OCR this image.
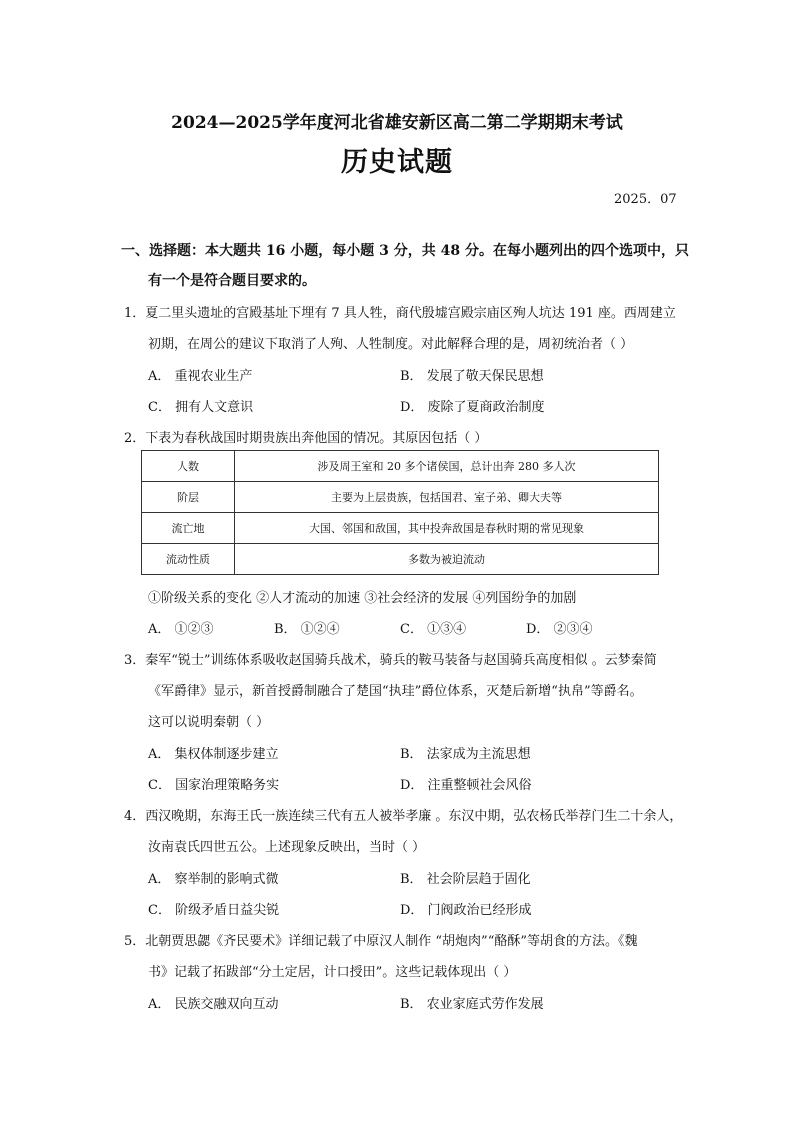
2024—2025学年度河北省雄安新区高二第二学期期末考试
历史试题
2025．07
一、选择题：本大题共 16 小题，每小题 3 分，共 48 分。在每小题列出的四个选项中，只
有一个是符合题目要求的。
1．夏二里头遗址的宫殿基址下埋有 7 具人牲，商代殷墟宫殿宗庙区殉人坑达 191 座。西周建立
初期，在周公的建议下取消了人殉、人牲制度。对此解释合理的是，周初统治者（ ）
A． 重视农业生产	B． 发展了敬天保民思想
C． 拥有人文意识	D． 废除了夏商政治制度
2．下表为春秋战国时期贵族出奔他国的情况。其原因包括（ ）
人数	涉及周王室和 20 多个诸侯国，总计出奔 280 多人次
阶层	主要为上层贵族，包括国君、室子弟、卿大夫等
流亡地	大国、邻国和敌国，其中投奔敌国是春秋时期的常见现象
流动性质	多数为被迫流动
①阶级关系的变化 ②人才流动的加速 ③社会经济的发展 ④列国纷争的加剧
A． ①②③	B． ①②④	C． ①③④	D． ②③④
3．秦军“锐士”训练体系吸收赵国骑兵战术，骑兵的鞍马装备与赵国骑兵高度相似 。云梦秦简
《军爵律》显示，新首授爵制融合了楚国“执珪”爵位体系，灭楚后新增“执帛”等爵名。
这可以说明秦朝（ ）
A． 集权体制逐步建立	B． 法家成为主流思想
C． 国家治理策略务实	D． 注重整顿社会风俗
4．西汉晚期，东海王氏一族连续三代有五人被举孝廉 。东汉中期，弘农杨氏举荐门生二十余人，
汝南袁氏四世五公。上述现象反映出，当时（ ）
A． 察举制的影响式微	B． 社会阶层趋于固化
C． 阶级矛盾日益尖锐	D． 门阀政治已经形成
5．北朝贾思勰《齐民要术》详细记载了中原汉人制作 “胡炮肉”“酪酥”等胡食的方法。《魏
书》记载了拓跋部“分土定居，计口授田”。这些记载体现出（ ）
A． 民族交融双向互动	B． 农业家庭式劳作发展
